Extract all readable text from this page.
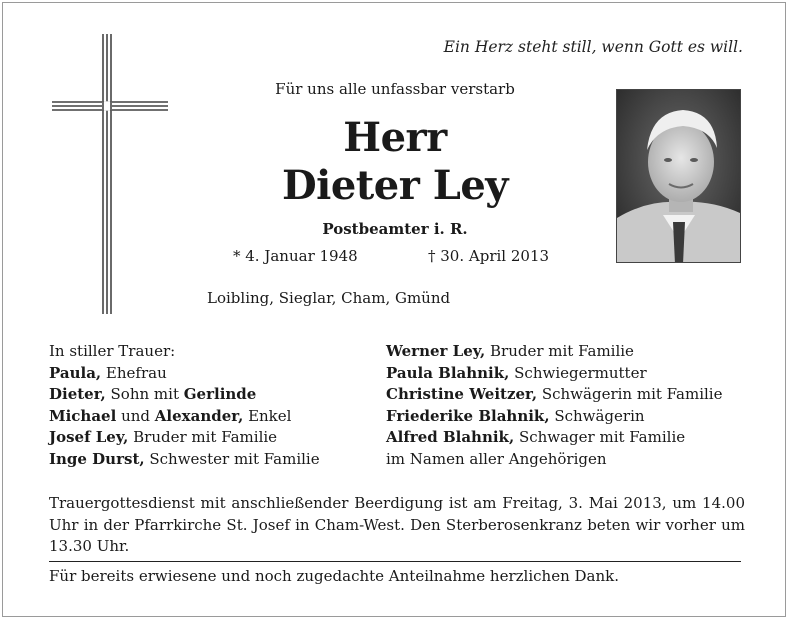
Ein Herz steht still, wenn Gott es will.
Für uns alle unfassbar verstarb
Herr
Dieter Ley
Postbeamter i. R.
* 4. Januar 1948	† 30. April 2013
Loibling, Sieglar, Cham, Gmünd
In stiller Trauer:
Paula, Ehefrau
Dieter, Sohn mit Gerlinde
Michael und Alexander, Enkel
Josef Ley, Bruder mit Familie
Inge Durst, Schwester mit Familie
Werner Ley, Bruder mit Familie
Paula Blahnik, Schwiegermutter
Christine Weitzer, Schwägerin mit Familie
Friederike Blahnik, Schwägerin
Alfred Blahnik, Schwager mit Familie
im Namen aller Angehörigen
Trauergottesdienst mit anschließender Beerdigung ist am Freitag, 3. Mai 2013, um 14.00 Uhr in der Pfarrkirche St. Josef in Cham-West. Den Sterberosenkranz beten wir vorher um 13.30 Uhr.
Für bereits erwiesene und noch zugedachte Anteilnahme herzlichen Dank.
